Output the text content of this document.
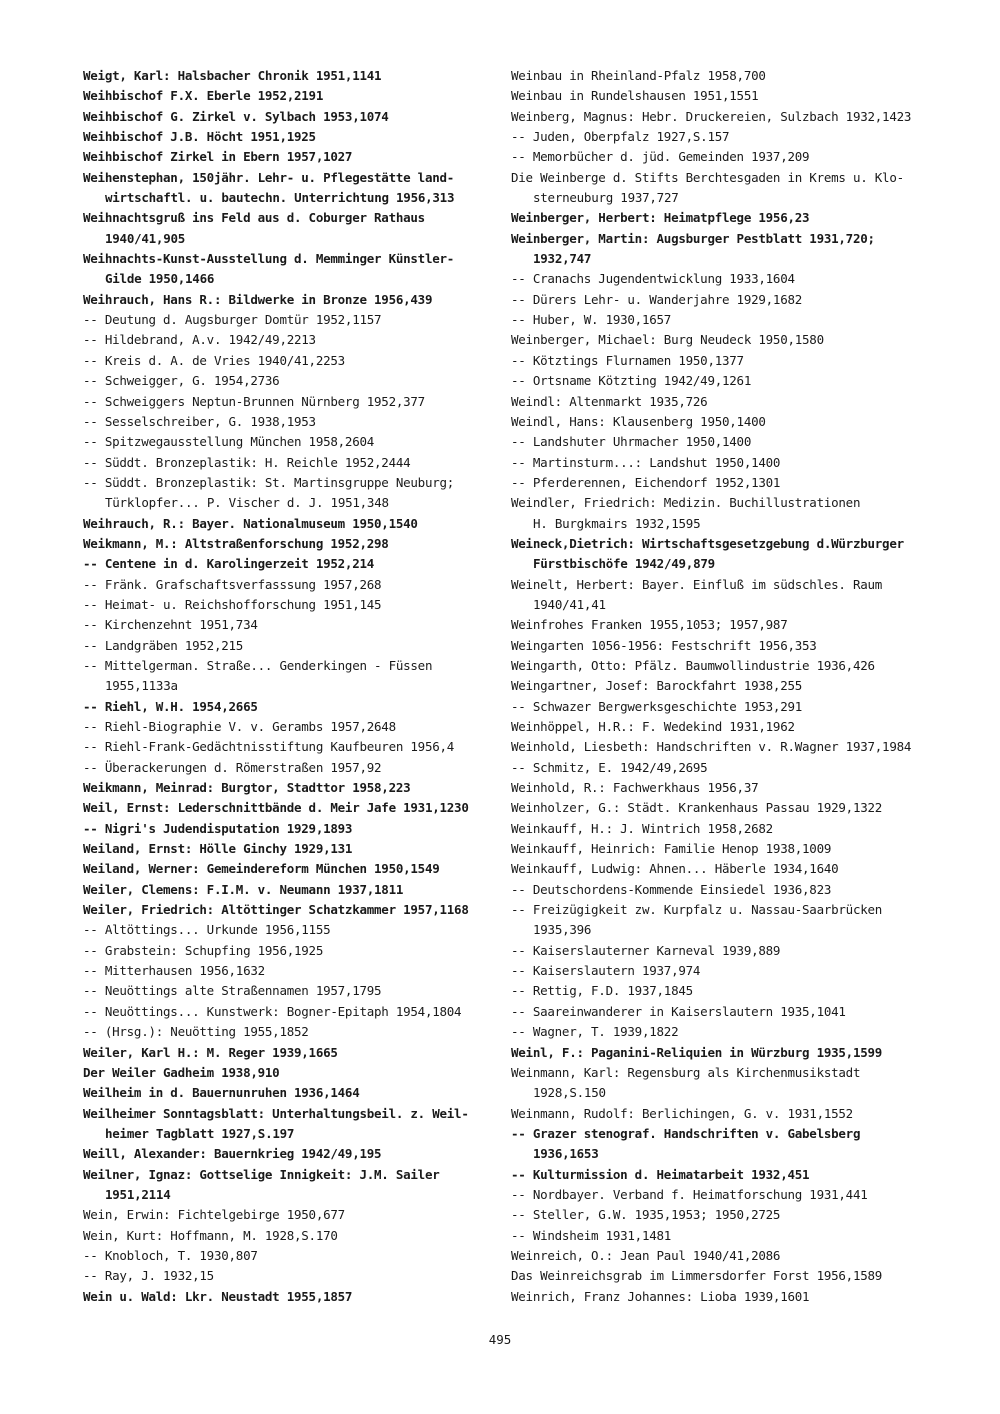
Weigt, Karl: Halsbacher Chronik 1951,1141
Weihbischof F.X. Eberle 1952,2191
Weihbischof G. Zirkel v. Sylbach 1953,1074
Weihbischof J.B. Höcht 1951,1925
Weihbischof Zirkel in Ebern 1957,1027
Weihenstephan, 150jähr. Lehr- u. Pflegestätte land-
wirtschaftl. u. bautechn. Unterrichtung 1956,313
Weihnachtsgruß ins Feld aus d. Coburger Rathaus
1940/41,905
Weihnachts-Kunst-Ausstellung d. Memminger Künstler-
Gilde 1950,1466
Weihrauch, Hans R.: Bildwerke in Bronze 1956,439
-- Deutung d. Augsburger Domtür 1952,1157
-- Hildebrand, A.v. 1942/49,2213
-- Kreis d. A. de Vries 1940/41,2253
-- Schweigger, G. 1954,2736
-- Schweiggers Neptun-Brunnen Nürnberg 1952,377
-- Sesselschreiber, G. 1938,1953
-- Spitzwegausstellung München 1958,2604
-- Süddt. Bronzeplastik: H. Reichle 1952,2444
-- Süddt. Bronzeplastik: St. Martinsgruppe Neuburg;
Türklopfer... P. Vischer d. J. 1951,348
Weihrauch, R.: Bayer. Nationalmuseum 1950,1540
Weikmann, M.: Altstraßenforschung 1952,298
-- Centene in d. Karolingerzeit 1952,214
-- Fränk. Grafschaftsverfasssung 1957,268
-- Heimat- u. Reichshofforschung 1951,145
-- Kirchenzehnt 1951,734
-- Landgräben 1952,215
-- Mittelgerman. Straße... Genderkingen - Füssen
1955,1133a
-- Riehl, W.H. 1954,2665
-- Riehl-Biographie V. v. Gerambs 1957,2648
-- Riehl-Frank-Gedächtnisstiftung Kaufbeuren 1956,4
-- Überackerungen d. Römerstraßen 1957,92
Weikmann, Meinrad: Burgtor, Stadttor 1958,223
Weil, Ernst: Lederschnittbände d. Meir Jafe 1931,1230
-- Nigri's Judendisputation 1929,1893
Weiland, Ernst: Hölle Ginchy 1929,131
Weiland, Werner: Gemeindereform München 1950,1549
Weiler, Clemens: F.I.M. v. Neumann 1937,1811
Weiler, Friedrich: Altöttinger Schatzkammer 1957,1168
-- Altöttings... Urkunde 1956,1155
-- Grabstein: Schupfing 1956,1925
-- Mitterhausen 1956,1632
-- Neuöttings alte Straßennamen 1957,1795
-- Neuöttings... Kunstwerk: Bogner-Epitaph 1954,1804
-- (Hrsg.): Neuötting 1955,1852
Weiler, Karl H.: M. Reger 1939,1665
Der Weiler Gadheim 1938,910
Weilheim in d. Bauernunruhen 1936,1464
Weilheimer Sonntagsblatt: Unterhaltungsbeil. z. Weil-
heimer Tagblatt 1927,S.197
Weill, Alexander: Bauernkrieg 1942/49,195
Weilner, Ignaz: Gottselige Innigkeit: J.M. Sailer
1951,2114
Wein, Erwin: Fichtelgebirge 1950,677
Wein, Kurt: Hoffmann, M. 1928,S.170
-- Knobloch, T. 1930,807
-- Ray, J. 1932,15
Wein u. Wald: Lkr. Neustadt 1955,1857
Weinbau in Rheinland-Pfalz 1958,700
Weinbau in Rundelshausen 1951,1551
Weinberg, Magnus: Hebr. Druckereien, Sulzbach 1932,1423
-- Juden, Oberpfalz 1927,S.157
-- Memorbücher d. jüd. Gemeinden 1937,209
Die Weinberge d. Stifts Berchtesgaden in Krems u. Klo-
sterneuburg 1937,727
Weinberger, Herbert: Heimatpflege 1956,23
Weinberger, Martin: Augsburger Pestblatt 1931,720;
1932,747
-- Cranachs Jugendentwicklung 1933,1604
-- Dürers Lehr- u. Wanderjahre 1929,1682
-- Huber, W. 1930,1657
Weinberger, Michael: Burg Neudeck 1950,1580
-- Kötztings Flurnamen 1950,1377
-- Ortsname Kötzting 1942/49,1261
Weindl: Altenmarkt 1935,726
Weindl, Hans: Klausenberg 1950,1400
-- Landshuter Uhrmacher 1950,1400
-- Martinsturm...: Landshut 1950,1400
-- Pferderennen, Eichendorf 1952,1301
Weindler, Friedrich: Medizin. Buchillustrationen
H. Burgkmairs 1932,1595
Weineck,Dietrich: Wirtschaftsgesetzgebung d.Würzburger
Fürstbischöfe 1942/49,879
Weinelt, Herbert: Bayer. Einfluß im südschles. Raum
1940/41,41
Weinfrohes Franken 1955,1053; 1957,987
Weingarten 1056-1956: Festschrift 1956,353
Weingarth, Otto: Pfälz. Baumwollindustrie 1936,426
Weingartner, Josef: Barockfahrt 1938,255
-- Schwazer Bergwerksgeschichte 1953,291
Weinhöppel, H.R.: F. Wedekind 1931,1962
Weinhold, Liesbeth: Handschriften v. R.Wagner 1937,1984
-- Schmitz, E. 1942/49,2695
Weinhold, R.: Fachwerkhaus 1956,37
Weinholzer, G.: Städt. Krankenhaus Passau 1929,1322
Weinkauff, H.: J. Wintrich 1958,2682
Weinkauff, Heinrich: Familie Henop 1938,1009
Weinkauff, Ludwig: Ahnen... Häberle 1934,1640
-- Deutschordens-Kommende Einsiedel 1936,823
-- Freizügigkeit zw. Kurpfalz u. Nassau-Saarbrücken
1935,396
-- Kaiserslauterner Karneval 1939,889
-- Kaiserslautern 1937,974
-- Rettig, F.D. 1937,1845
-- Saareinwanderer in Kaiserslautern 1935,1041
-- Wagner, T. 1939,1822
Weinl, F.: Paganini-Reliquien in Würzburg 1935,1599
Weinmann, Karl: Regensburg als Kirchenmusikstadt
1928,S.150
Weinmann, Rudolf: Berlichingen, G. v. 1931,1552
-- Grazer stenograf. Handschriften v. Gabelsberg
1936,1653
-- Kulturmission d. Heimatarbeit 1932,451
-- Nordbayer. Verband f. Heimatforschung 1931,441
-- Steller, G.W. 1935,1953; 1950,2725
-- Windsheim 1931,1481
Weinreich, O.: Jean Paul 1940/41,2086
Das Weinreichsgrab im Limmersdorfer Forst 1956,1589
Weinrich, Franz Johannes: Lioba 1939,1601
495
